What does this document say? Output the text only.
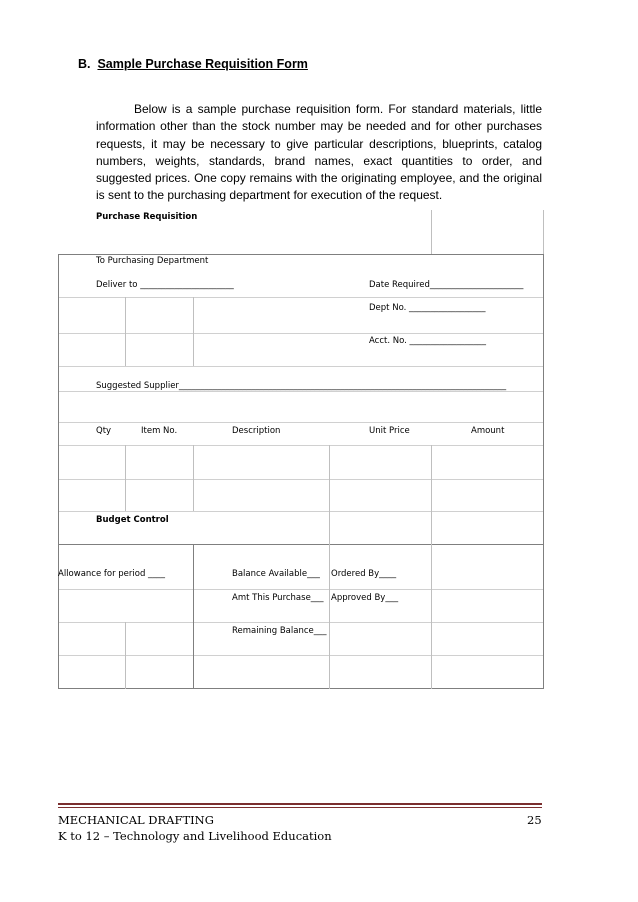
B. Sample Purchase Requisition Form
Below is a sample purchase requisition form. For standard materials, little information other than the stock number may be needed and for other purchases requests, it may be necessary to give particular descriptions, blueprints, catalog numbers, weights, standards, brand names, exact quantities to order, and suggested prices. One copy remains with the originating employee, and the original is sent to the purchasing department for execution of the request.
Purchase Requisition
To Purchasing Department
Deliver to ______________________	Date Required______________________
Dept No. __________________
Acct. No. __________________
Suggested Supplier_____________________________________________________________________________
Qty	Item No.	Description	Unit Price	Amount
Budget Control
Allowance for period ____	Balance Available___ Ordered By____
Amt This Purchase___ Approved By___
Remaining Balance___
MECHANICAL DRAFTING	25
K to 12 – Technology and Livelihood Education
